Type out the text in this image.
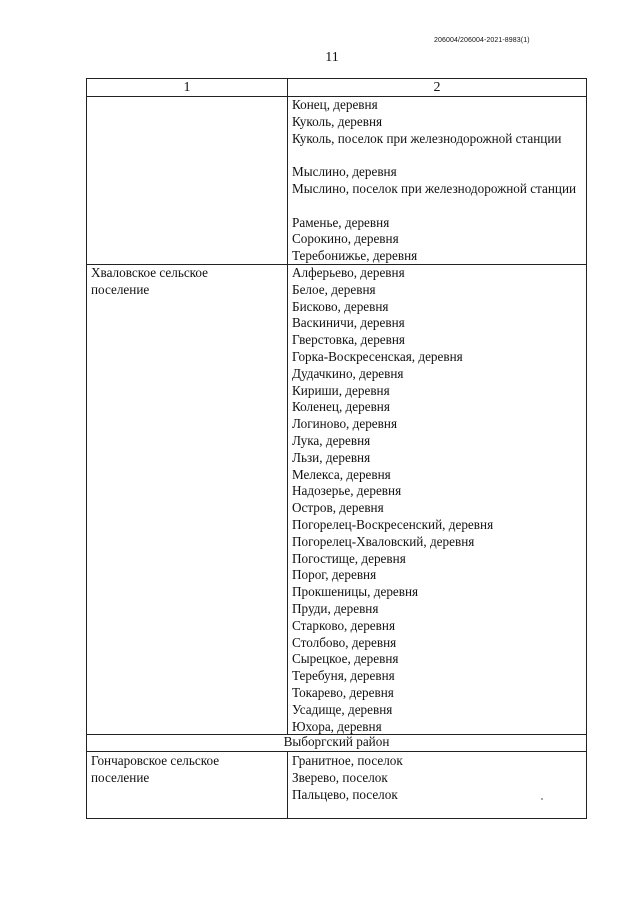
206004/206004-2021-8983(1)
11
1	2
Конец, деревня
Куколь, деревня
Куколь, поселок при железнодорожной станции
Мыслино, деревня
Мыслино, поселок при железнодорожной станции
Раменье, деревня
Сорокино, деревня
Теребонижье, деревня
Хваловское сельское поселение
Алферьево, деревня
Белое, деревня
Бисково, деревня
Васкиничи, деревня
Гверстовка, деревня
Горка-Воскресенская, деревня
Дудачкино, деревня
Кириши, деревня
Коленец, деревня
Логиново, деревня
Лука, деревня
Льзи, деревня
Мелекса, деревня
Надозерье, деревня
Остров, деревня
Погорелец-Воскресенский, деревня
Погорелец-Хваловский, деревня
Погостище, деревня
Порог, деревня
Прокшеницы, деревня
Пруди, деревня
Старково, деревня
Столбово, деревня
Сырецкое, деревня
Теребуня, деревня
Токарево, деревня
Усадище, деревня
Юхора, деревня
Выборгский район
Гончаровское сельское поселение
Гранитное, поселок
Зверево, поселок
Пальцево, поселок
